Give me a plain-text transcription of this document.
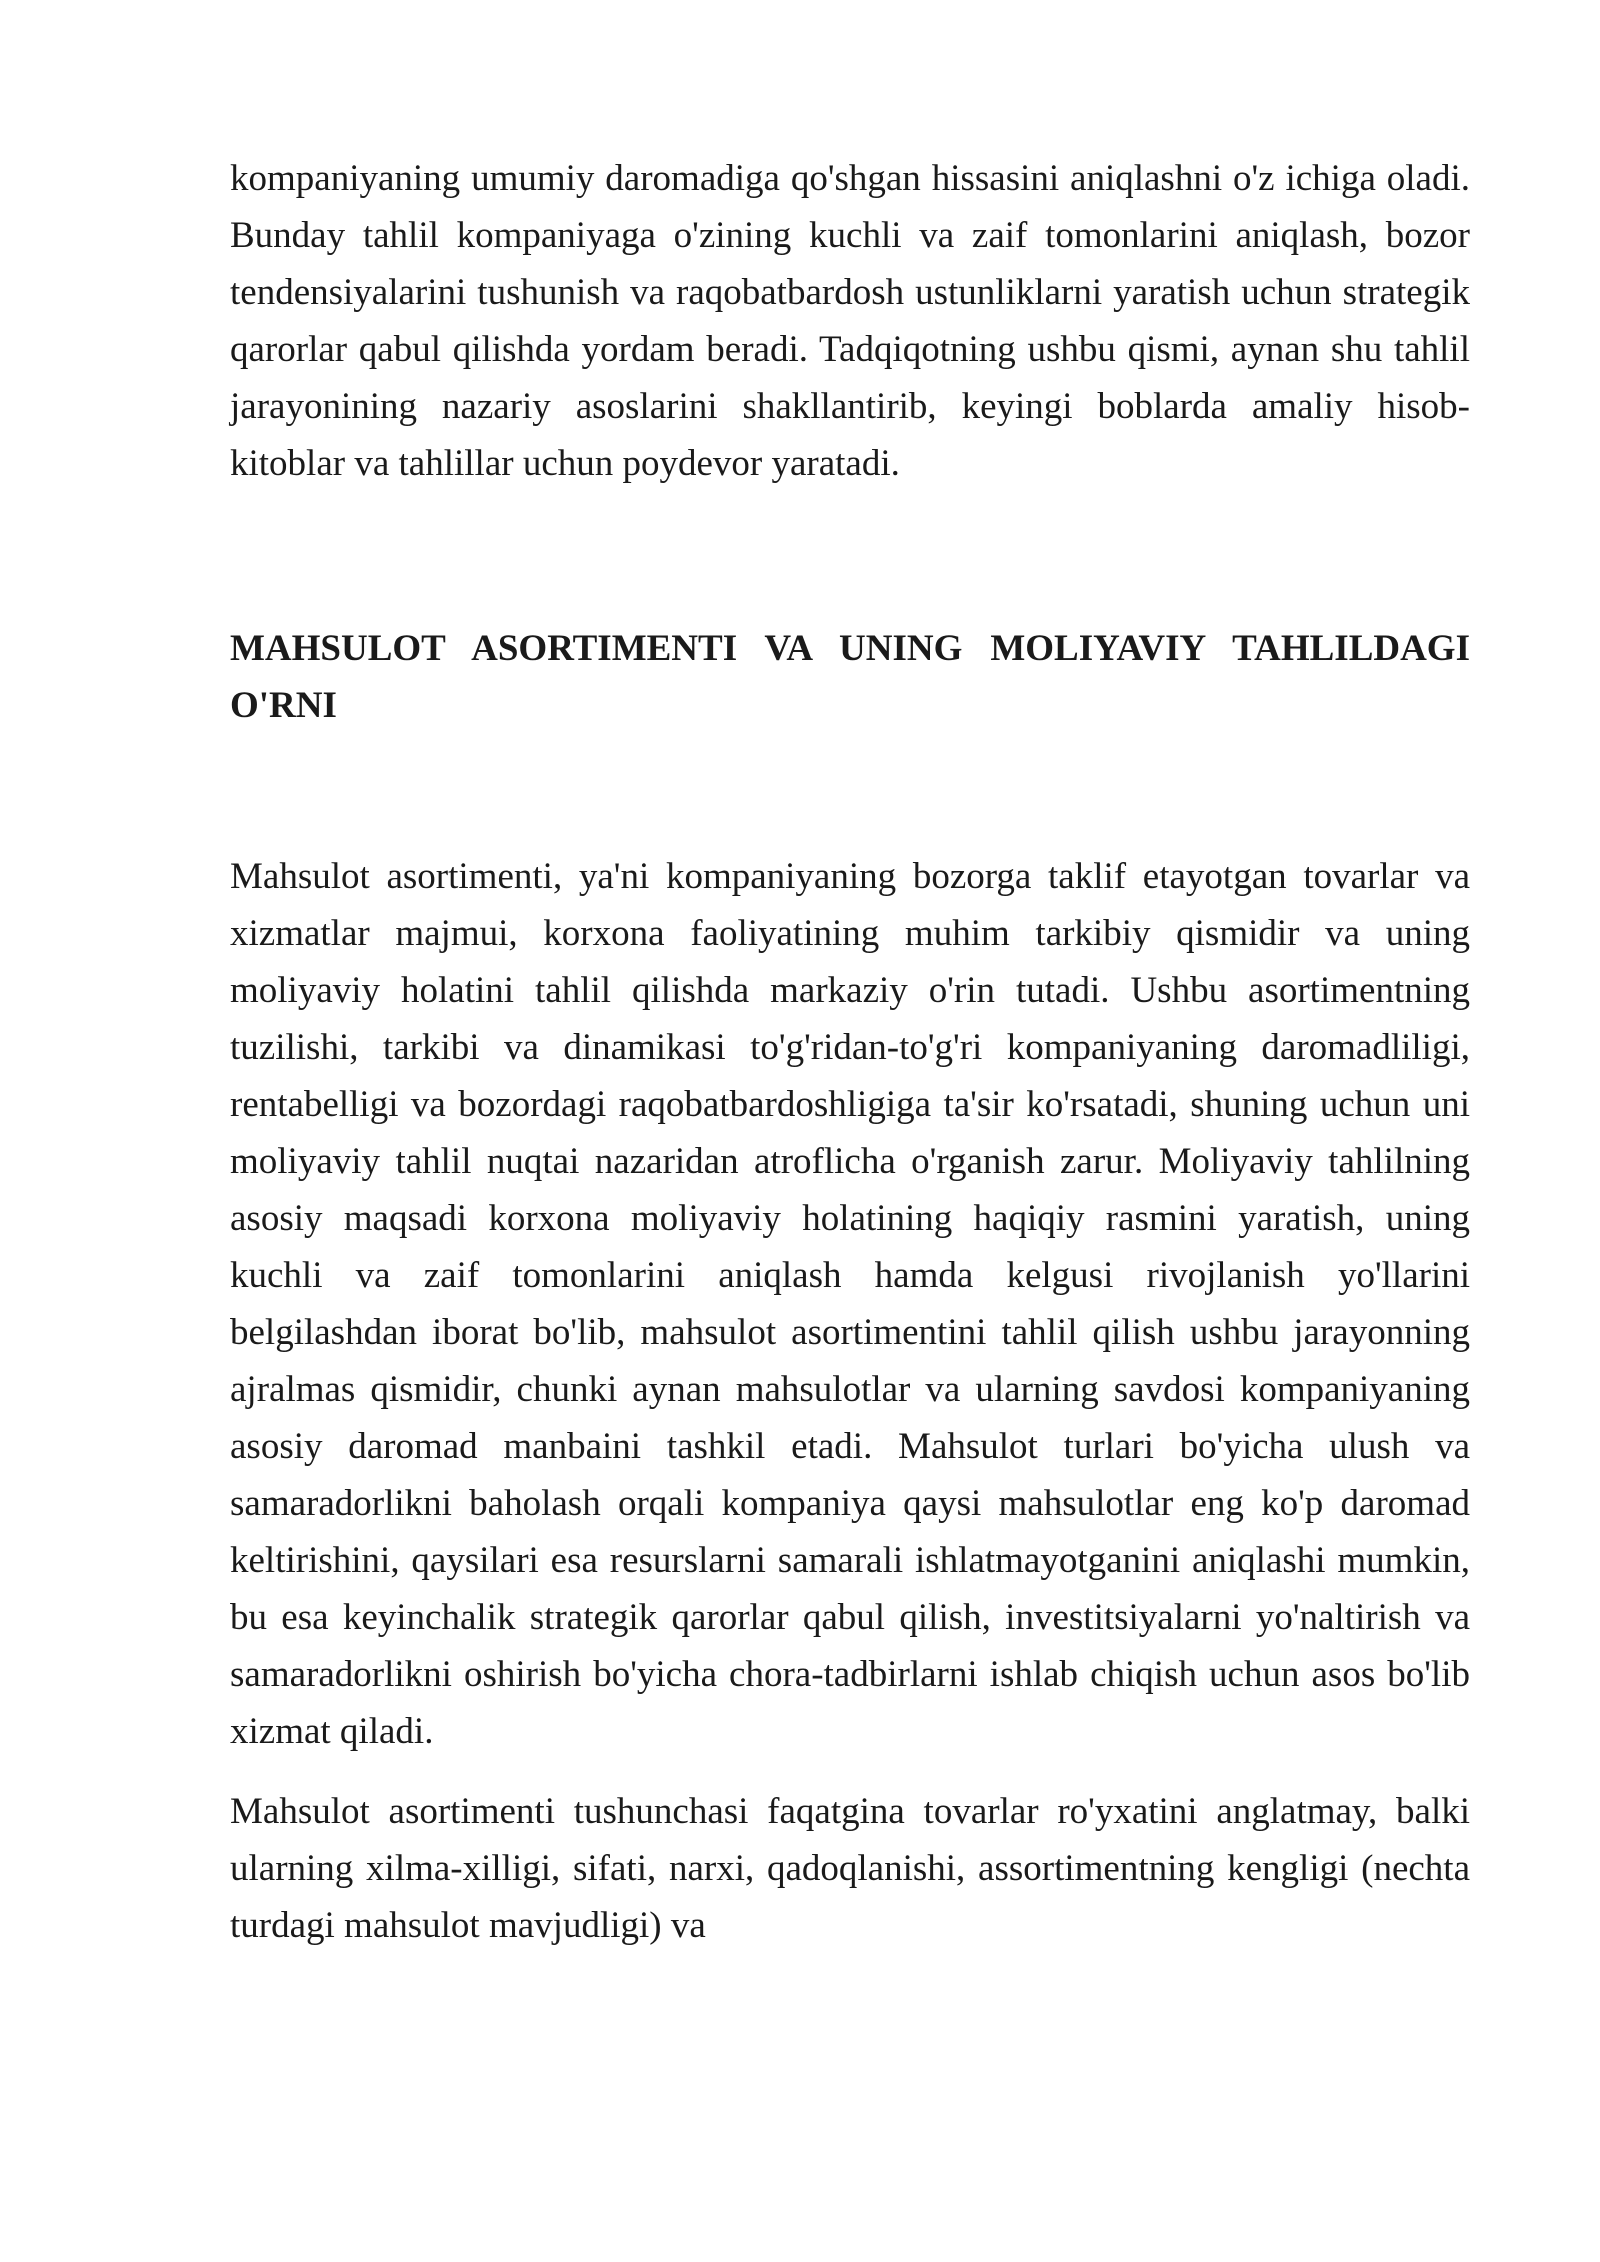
kompaniyaning umumiy daromadiga qo'shgan hissasini aniqlashni o'z ichiga oladi. Bunday tahlil kompaniyaga o'zining kuchli va zaif tomonlarini aniqlash, bozor tendensiyalarini tushunish va raqobatbardosh ustunliklarni yaratish uchun strategik qarorlar qabul qilishda yordam beradi. Tadqiqotning ushbu qismi, aynan shu tahlil jarayonining nazariy asoslarini shakllantirib, keyingi boblarda amaliy hisob-kitoblar va tahlillar uchun poydevor yaratadi.

MAHSULOT ASORTIMENTI VA UNING MOLIYAVIY TAHLILDAGI O'RNI

Mahsulot asortimenti, ya'ni kompaniyaning bozorga taklif etayotgan tovarlar va xizmatlar majmui, korxona faoliyatining muhim tarkibiy qismidir va uning moliyaviy holatini tahlil qilishda markaziy o'rin tutadi. Ushbu asortimentning tuzilishi, tarkibi va dinamikasi to'g'ridan-to'g'ri kompaniyaning daromadliligi, rentabelligi va bozordagi raqobatbardoshligiga ta'sir ko'rsatadi, shuning uchun uni moliyaviy tahlil nuqtai nazaridan atroflicha o'rganish zarur. Moliyaviy tahlilning asosiy maqsadi korxona moliyaviy holatining haqiqiy rasmini yaratish, uning kuchli va zaif tomonlarini aniqlash hamda kelgusi rivojlanish yo'llarini belgilashdan iborat bo'lib, mahsulot asortimentini tahlil qilish ushbu jarayonning ajralmas qismidir, chunki aynan mahsulotlar va ularning savdosi kompaniyaning asosiy daromad manbaini tashkil etadi. Mahsulot turlari bo'yicha ulush va samaradorlikni baholash orqali kompaniya qaysi mahsulotlar eng ko'p daromad keltirishini, qaysilari esa resurslarni samarali ishlatmayotganini aniqlashi mumkin, bu esa keyinchalik strategik qarorlar qabul qilish, investitsiyalarni yo'naltirish va samaradorlikni oshirish bo'yicha chora-tadbirlarni ishlab chiqish uchun asos bo'lib xizmat qiladi.

Mahsulot asortimenti tushunchasi faqatgina tovarlar ro'yxatini anglatmay, balki ularning xilma-xilligi, sifati, narxi, qadoqlanishi, assortimentning kengligi (nechta turdagi mahsulot mavjudligi) va
